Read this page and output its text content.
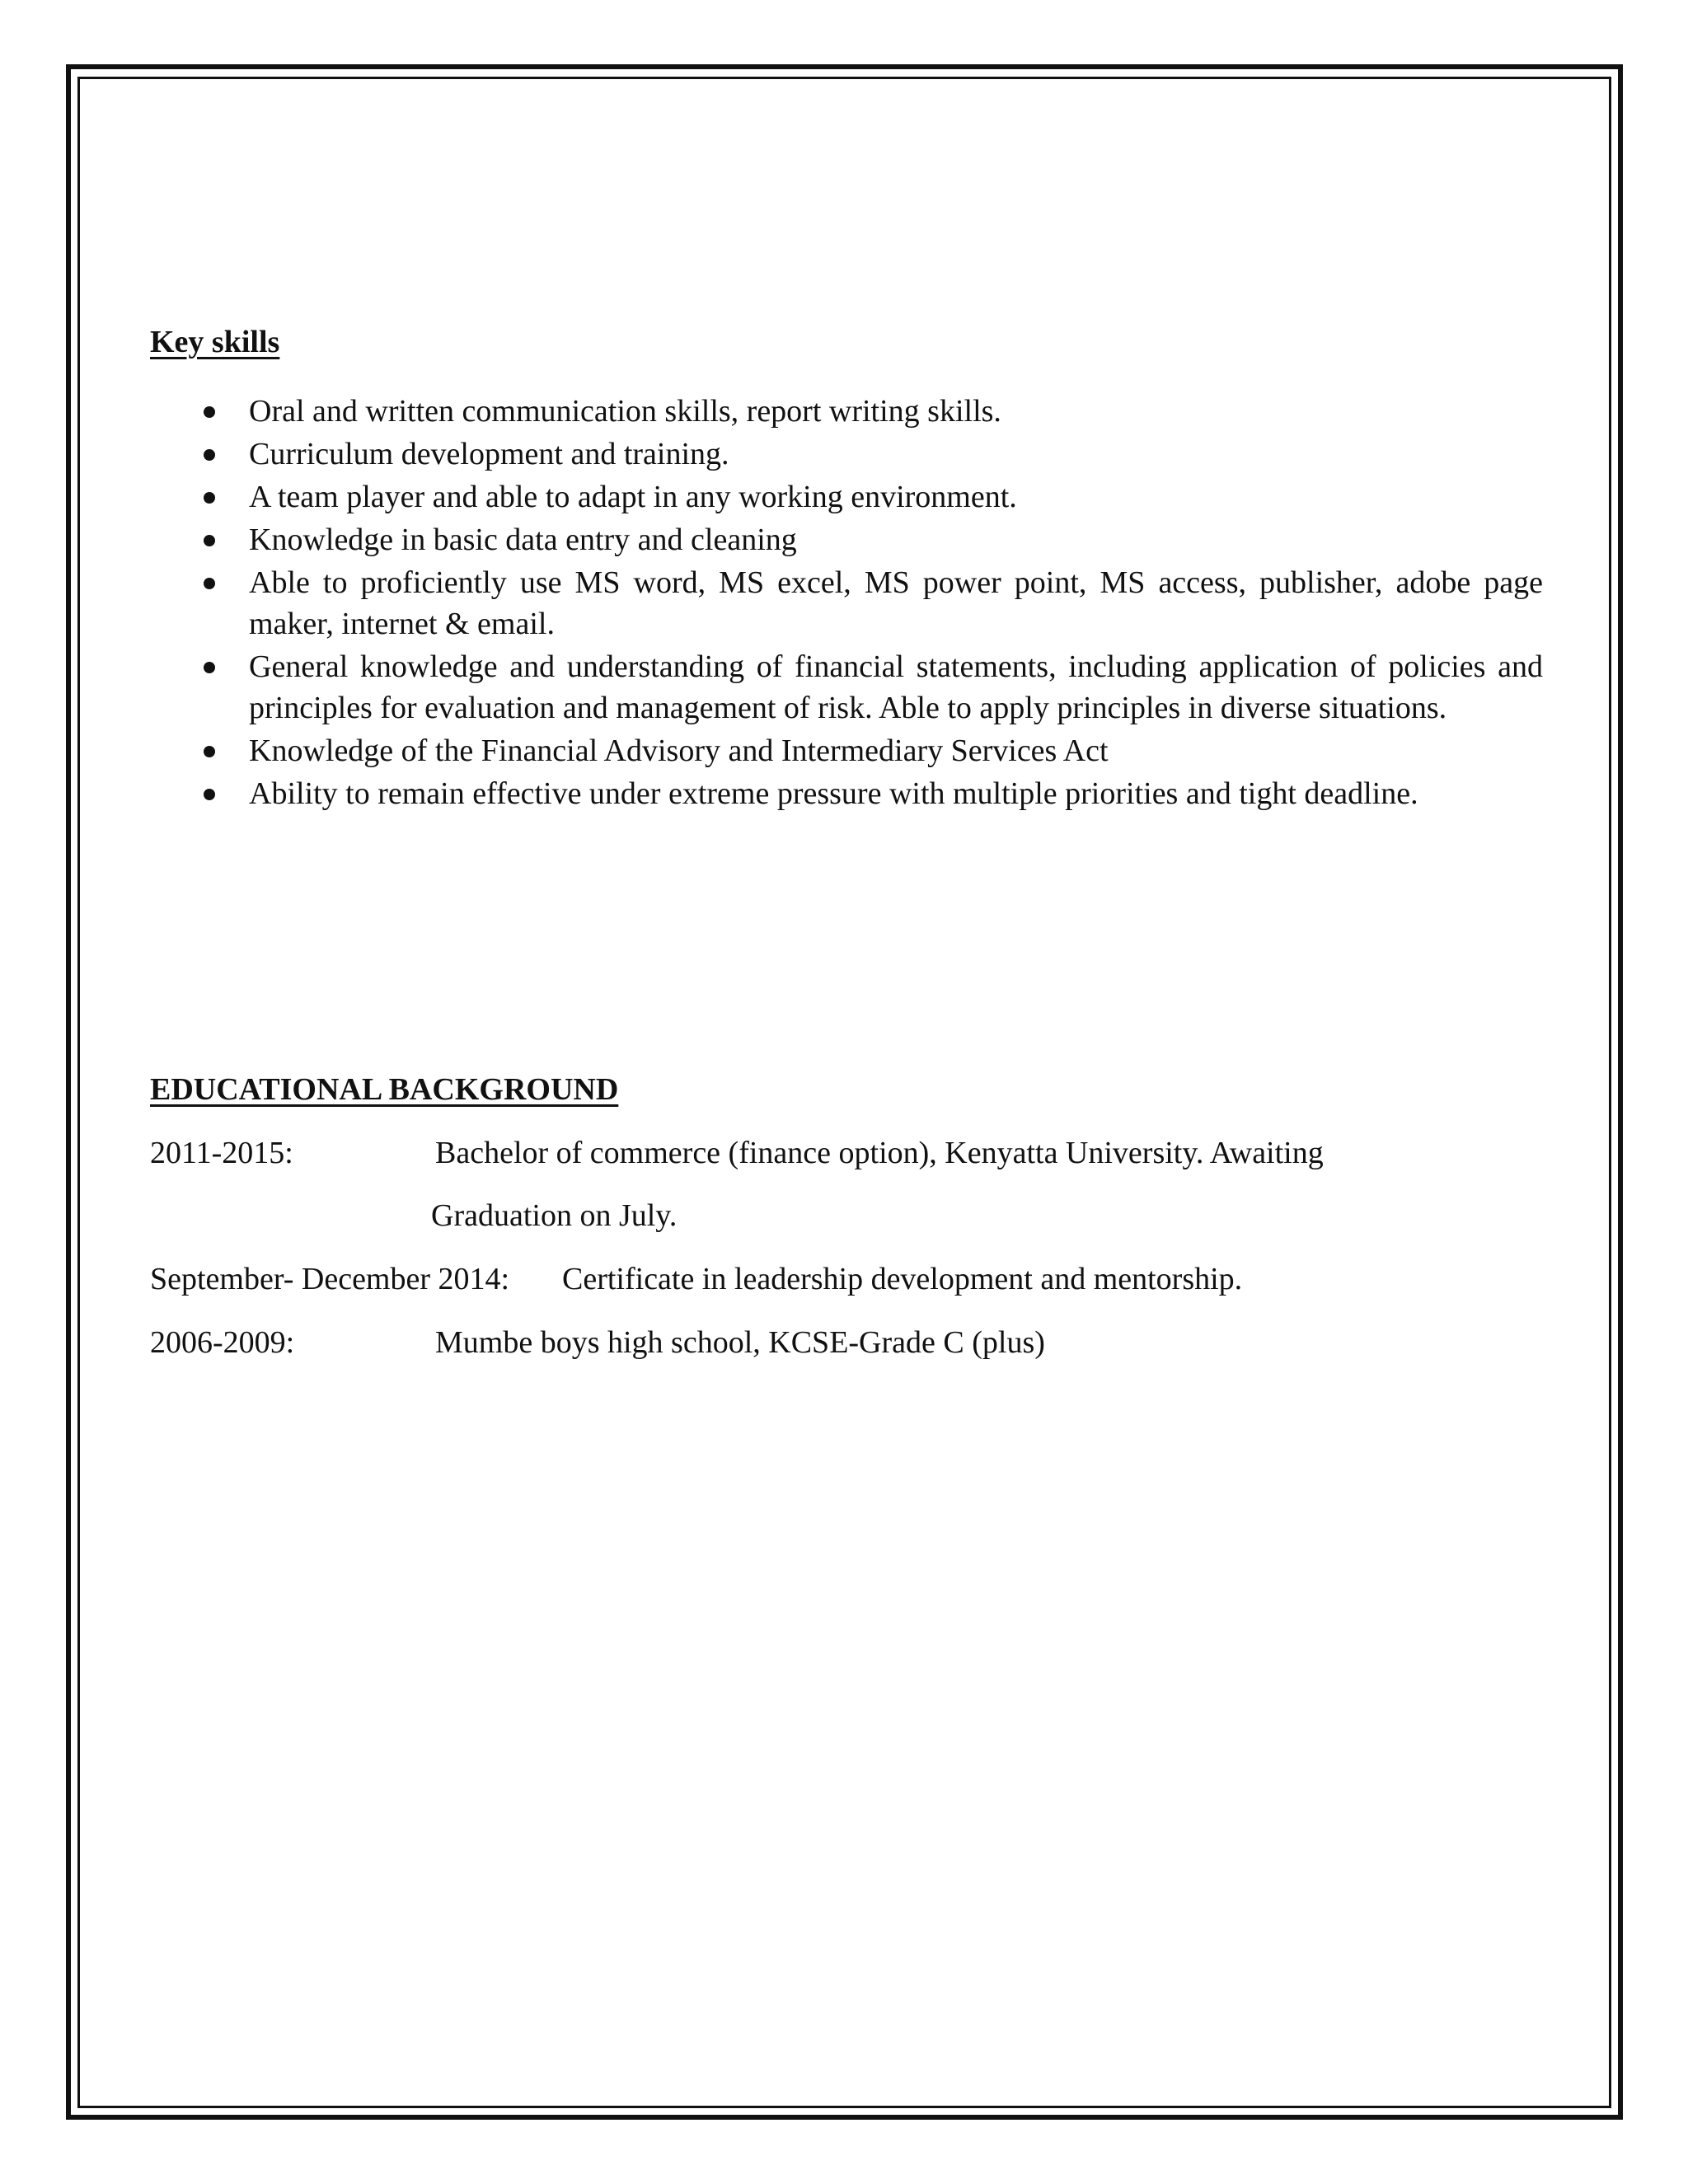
Key skills
Oral and written communication skills, report writing skills.
Curriculum development and training.
A team player and able to adapt in any working environment.
Knowledge in basic data entry and cleaning
Able to proficiently use MS word, MS excel, MS power point, MS access, publisher, adobe page maker, internet & email.
General knowledge and understanding of financial statements, including application of policies and principles for evaluation and management of risk. Able to apply principles in diverse situations.
Knowledge of the Financial Advisory and Intermediary Services Act
Ability to remain effective under extreme pressure with multiple priorities and tight deadline.
EDUCATIONAL BACKGROUND
2011-2015:	Bachelor of commerce (finance option), Kenyatta University. Awaiting
Graduation on July.
September- December 2014: Certificate in leadership development and mentorship.
2006-2009:	Mumbe boys high school, KCSE-Grade C (plus)
